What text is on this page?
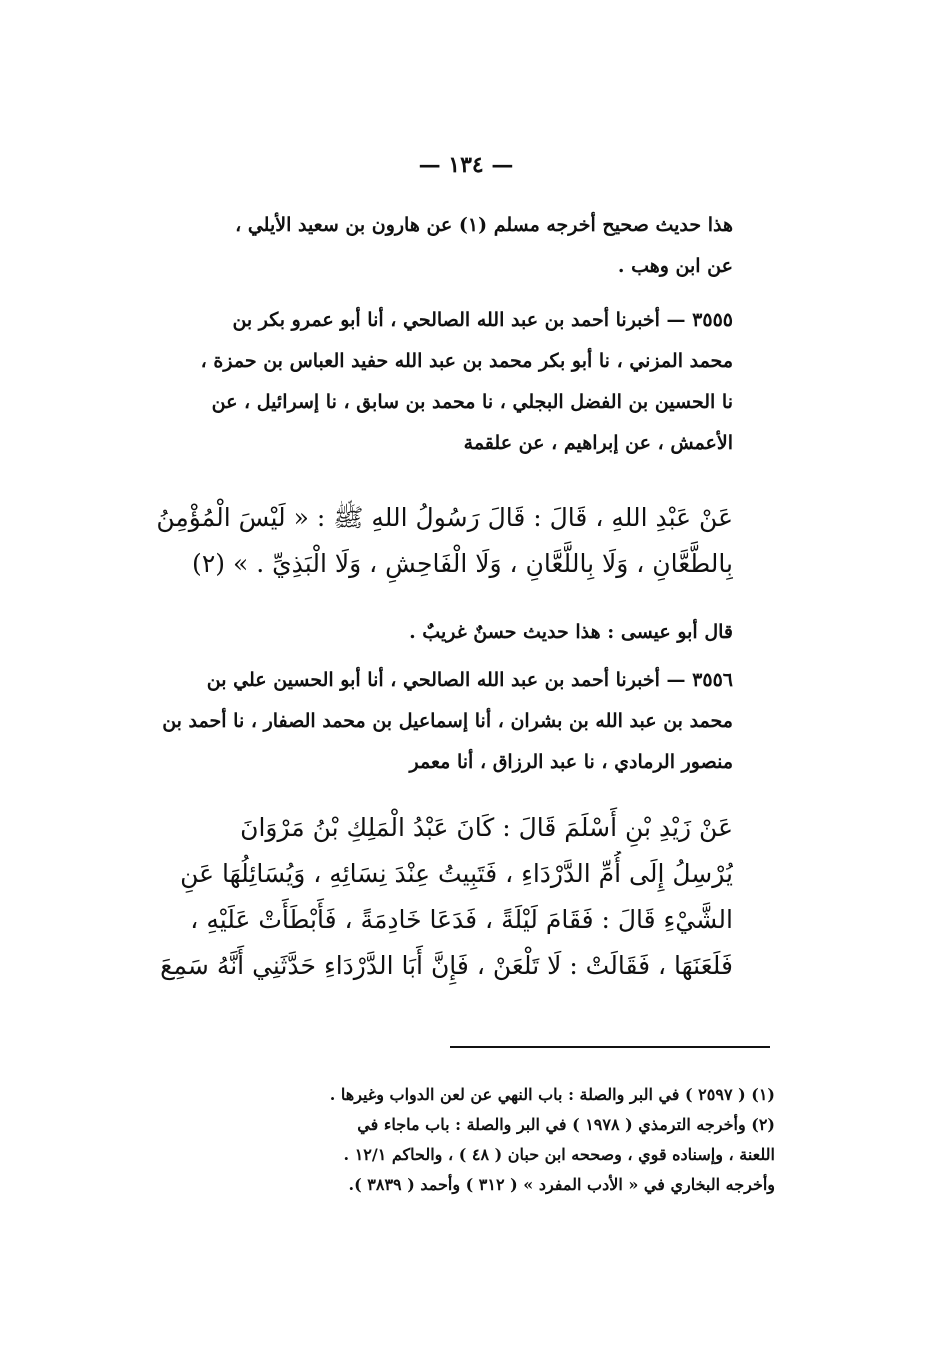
— ١٣٤ —
هذا حديث صحيح أخرجه مسلم (١) عن هارون بن سعيد الأيلي ،
عن ابن وهب .
٣٥٥٥ — أخبرنا أحمد بن عبد الله الصالحي ، أنا أبو عمرو بكر بن
محمد المزني ، نا أبو بكر محمد بن عبد الله حفيد العباس بن حمزة ،
نا الحسين بن الفضل البجلي ، نا محمد بن سابق ، نا إسرائيل ، عن
الأعمش ، عن إبراهيم ، عن علقمة
عَنْ عَبْدِ اللهِ ، قَالَ : قَالَ رَسُولُ اللهِ ﷺ : « لَيْسَ الْمُؤْمِنُ
بِالطَّعَّانِ ، وَلَا بِاللَّعَّانِ ، وَلَا الْفَاحِشِ ، وَلَا الْبَذِيِّ . » (٢)
قال أبو عيسى : هذا حديث حسنٌ غريبٌ .
٣٥٥٦ — أخبرنا أحمد بن عبد الله الصالحي ، أنا أبو الحسين علي بن
محمد بن عبد الله بن بشران ، أنا إسماعيل بن محمد الصفار ، نا أحمد بن
منصور الرمادي ، نا عبد الرزاق ، أنا معمر
عَنْ زَيْدِ بْنِ أَسْلَمَ قَالَ : كَانَ عَبْدُ الْمَلِكِ بْنُ مَرْوَانَ
يُرْسِلُ إِلَى أُمِّ الدَّرْدَاءِ ، فَتَبِيتُ عِنْدَ نِسَائِهِ ، وَيُسَائِلُهَا عَنِ
الشَّيْءِ قَالَ : فَقَامَ لَيْلَةً ، فَدَعَا خَادِمَةً ، فَأَبْطَأَتْ عَلَيْهِ ،
فَلَعَنَهَا ، فَقَالَتْ : لَا تَلْعَنْ ، فَإِنَّ أَبَا الدَّرْدَاءِ حَدَّثَنِي أَنَّهُ سَمِعَ
(١) ( ٢٥٩٧ ) في البر والصلة : باب النهي عن لعن الدواب وغيرها .
(٢) وأخرجه الترمذي ( ١٩٧٨ ) في البر والصلة : باب ماجاء في
اللعنة ، وإسناده قوي ، وصححه ابن حبان ( ٤٨ ) ، والحاكم ١٢/١ .
وأخرجه البخاري في « الأدب المفرد » ( ٣١٢ ) وأحمد ( ٣٨٣٩ ).
